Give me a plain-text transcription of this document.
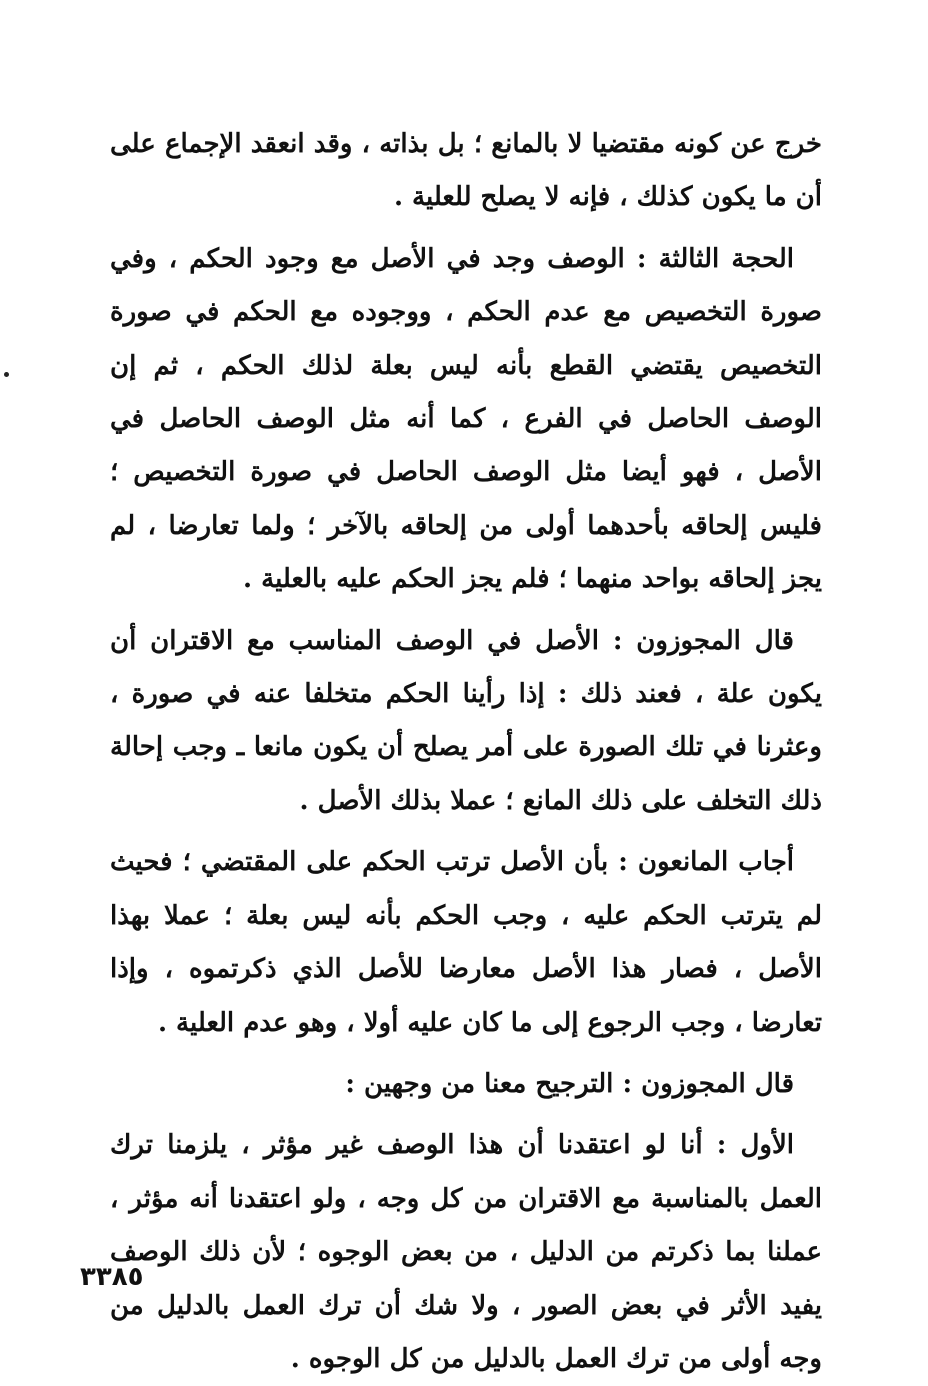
خرج عن كونه مقتضيا لا بالمانع ؛ بل بذاته ، وقد انعقد الإجماع على أن ما يكون كذلك ، فإنه لا يصلح للعلية .

الحجة الثالثة : الوصف وجد في الأصل مع وجود الحكم ، وفي صورة التخصيص مع عدم الحكم ، ووجوده مع الحكم في صورة التخصيص يقتضي القطع بأنه ليس بعلة لذلك الحكم ، ثم إن الوصف الحاصل في الفرع ، كما أنه مثل الوصف الحاصل في الأصل ، فهو أيضا مثل الوصف الحاصل في صورة التخصيص ؛ فليس إلحاقه بأحدهما أولى من إلحاقه بالآخر ؛ ولما تعارضا ، لم يجز إلحاقه بواحد منهما ؛ فلم يجز الحكم عليه بالعلية .

قال المجوزون : الأصل في الوصف المناسب مع الاقتران أن يكون علة ، فعند ذلك : إذا رأينا الحكم متخلفا عنه في صورة ، وعثرنا في تلك الصورة على أمر يصلح أن يكون مانعا ـ وجب إحالة ذلك التخلف على ذلك المانع ؛ عملا بذلك الأصل .

أجاب المانعون : بأن الأصل ترتب الحكم على المقتضي ؛ فحيث لم يترتب الحكم عليه ، وجب الحكم بأنه ليس بعلة ؛ عملا بهذا الأصل ، فصار هذا الأصل معارضا للأصل الذي ذكرتموه ، وإذا تعارضا ، وجب الرجوع إلى ما كان عليه أولا ، وهو عدم العلية .

قال المجوزون : الترجيح معنا من وجهين :

الأول : أنا لو اعتقدنا أن هذا الوصف غير مؤثر ، يلزمنا ترك العمل بالمناسبة مع الاقتران من كل وجه ، ولو اعتقدنا أنه مؤثر ، عملنا بما ذكرتم من الدليل ، من بعض الوجوه ؛ لأن ذلك الوصف يفيد الأثر في بعض الصور ، ولا شك أن ترك العمل بالدليل من وجه أولى من ترك العمل بالدليل من كل الوجوه .

٣٣٨٥
